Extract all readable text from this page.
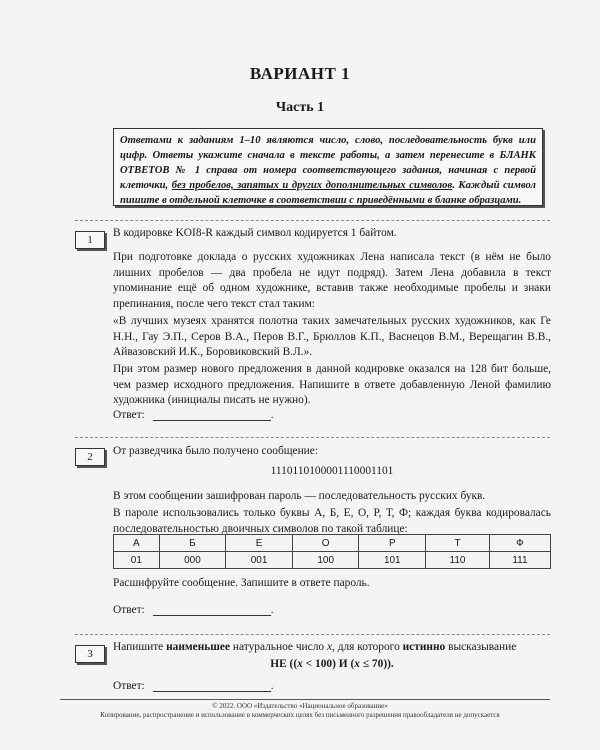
ВАРИАНТ 1
Часть 1
Ответами к заданиям 1–10 являются число, слово, последовательность букв или цифр. Ответы укажите сначала в тексте работы, а затем перенесите в БЛАНК ОТВЕТОВ № 1 справа от номера соответствующего задания, начиная с первой клеточки, без пробелов, запятых и других дополнительных символов. Каждый символ пишите в отдельной клеточке в соответствии с приведёнными в бланке образцами.
1

В кодировке KOI8-R каждый символ кодируется 1 байтом.

При подготовке доклада о русских художниках Лена написала текст (в нём не было лишних пробелов — два пробела не идут подряд). Затем Лена добавила в текст упоминание ещё об одном художнике, вставив также необходимые пробелы и знаки препинания, после чего текст стал таким:

«В лучших музеях хранятся полотна таких замечательных русских художников, как Ге Н.Н., Гау Э.П., Серов В.А., Перов В.Г., Брюллов К.П., Васнецов В.М., Верещагин В.В., Айвазовский И.К., Боровиковский В.Л.».

При этом размер нового предложения в данной кодировке оказался на 128 бит больше, чем размер исходного предложения. Напишите в ответе добавленную Леной фамилию художника (инициалы писать не нужно).

Ответ:	.
2	От разведчика было получено сообщение:

1110110100001110001101

В этом сообщении зашифрован пароль — последовательность русских букв.

В пароле использовались только буквы А, Б, Е, О, Р, Т, Ф; каждая буква кодировалась последовательностью двоичных символов по такой таблице:

А	Б	Е	О	Р	Т	Ф
01	000	001	100	101	110	111

Расшифруйте сообщение. Запишите в ответе пароль.

Ответ:	.
3

Напишите наименьшее натуральное число x, для которого истинно высказывание

НЕ ((x < 100) И (x ≤ 70)).

Ответ:	.
© 2022. ООО «Издательство «Национальное образование»
Копирование, распространение и использование в коммерческих целях без письменного разрешения правообладателя не допускается
